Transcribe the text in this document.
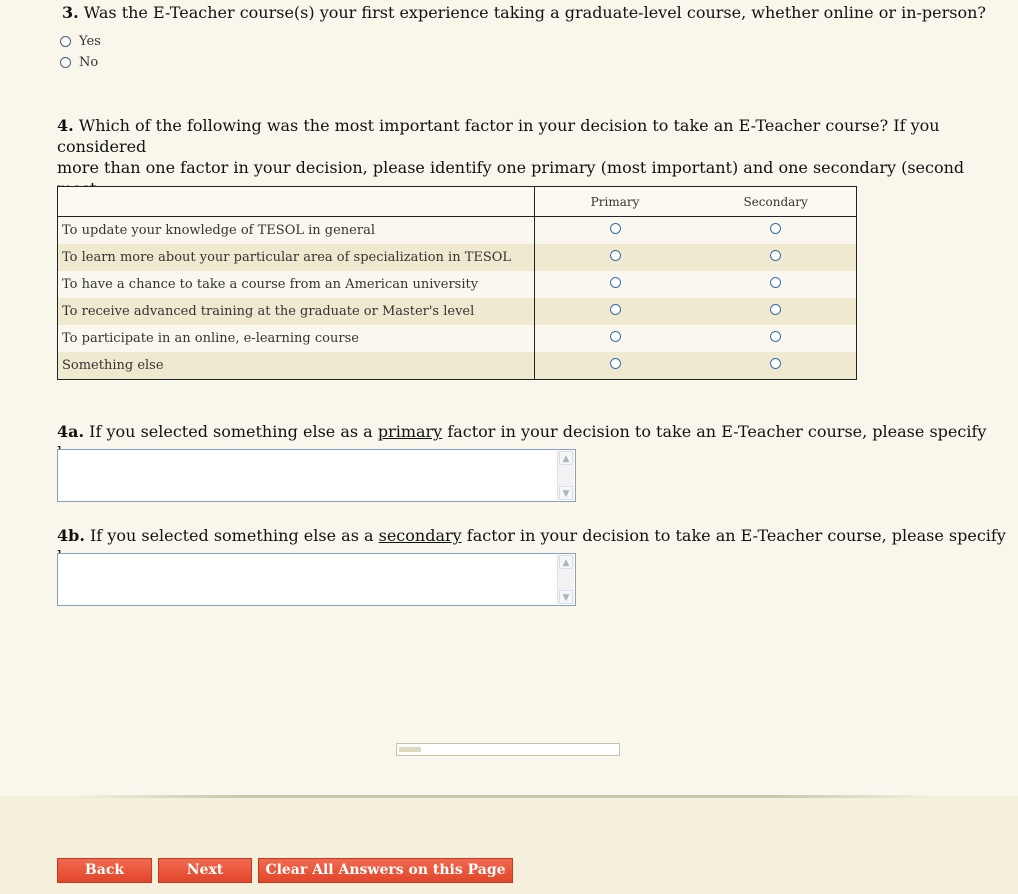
3. Was the E-Teacher course(s) your first experience taking a graduate-level course, whether online or in-person?
Yes
No
4. Which of the following was the most important factor in your decision to take an E-Teacher course? If you considered
more than one factor in your decision, please identify one primary (most important) and one secondary (second
	Primary	Secondary
To update your knowledge of TESOL in general		
To learn more about your particular area of specialization in TESOL		
To have a chance to take a course from an American university		
To receive advanced training at the graduate or Master's level		
To participate in an online, e-learning course		
Something else		
4a. If you selected something else as a primary factor in your decision to take an E-Teacher course, please specify
▲
▼
4b. If you selected something else as a secondary factor in your decision to take an E-Teacher course, please specify
▲
▼
Back	Next	Clear All Answers on this Page
